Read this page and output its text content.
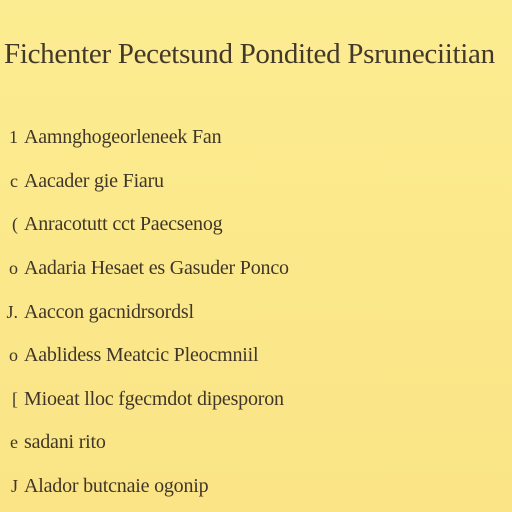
Fichenter Pecetsund Pondited Psruneciitian
1 Aamnghogeorleneek Fan
c Aacader gie Fiaru
( Anracotutt cct Paecsenog
o Aadaria Hesaet es Gasuder Ponco
J. Aaccon gacnidrsordsl
o Aablidess Meatcic Pleocmniil
[ Mioeat lloc fgecmdot dipesporon
e sadani rito
J Alador butcnaie ogonip
